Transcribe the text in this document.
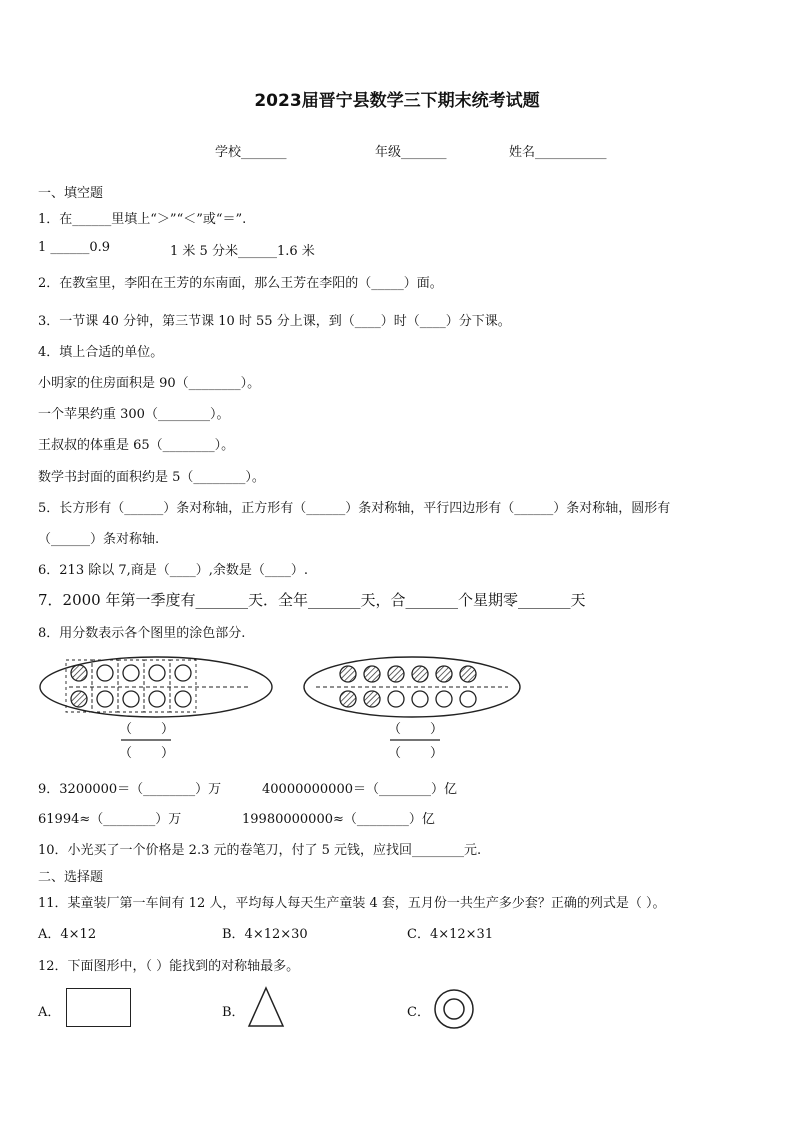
2023届晋宁县数学三下期末统考试题
学校_______	年级_______	姓名___________
一、填空题
1．在______里填上“＞”“＜”或“＝”.
1 ______0.9	1 米 5 分米______1.6 米
2．在教室里，李阳在王芳的东南面，那么王芳在李阳的（_____）面。
3．一节课 40 分钟，第三节课 10 时 55 分上课，到（____）时（____）分下课。
4．填上合适的单位。
小明家的住房面积是 90（________）。
一个苹果约重 300（________）。
王叔叔的体重是 65（________）。
数学书封面的面积约是 5（________）。
5．长方形有（______）条对称轴，正方形有（______）条对称轴，平行四边形有（______）条对称轴，圆形有
（______）条对称轴.
6．213 除以 7,商是（____）,余数是（____）.
7．2000 年第一季度有_______天．全年_______天，合_______个星期零_______天
8．用分数表示各个图里的涂色部分.
（ ）
（ ）
（ ）
（ ）
9．3200000＝（________）万	40000000000＝（________）亿
61994≈（________）万	19980000000≈（________）亿
10．小光买了一个价格是 2.3 元的卷笔刀，付了 5 元钱，应找回________元.
二、选择题
11．某童装厂第一车间有 12 人，平均每人每天生产童装 4 套，五月份一共生产多少套？正确的列式是（ ）。
A．4×12	B．4×12×30	C．4×12×31
12．下面图形中，（ ）能找到的对称轴最多。
A．	B．	C．
